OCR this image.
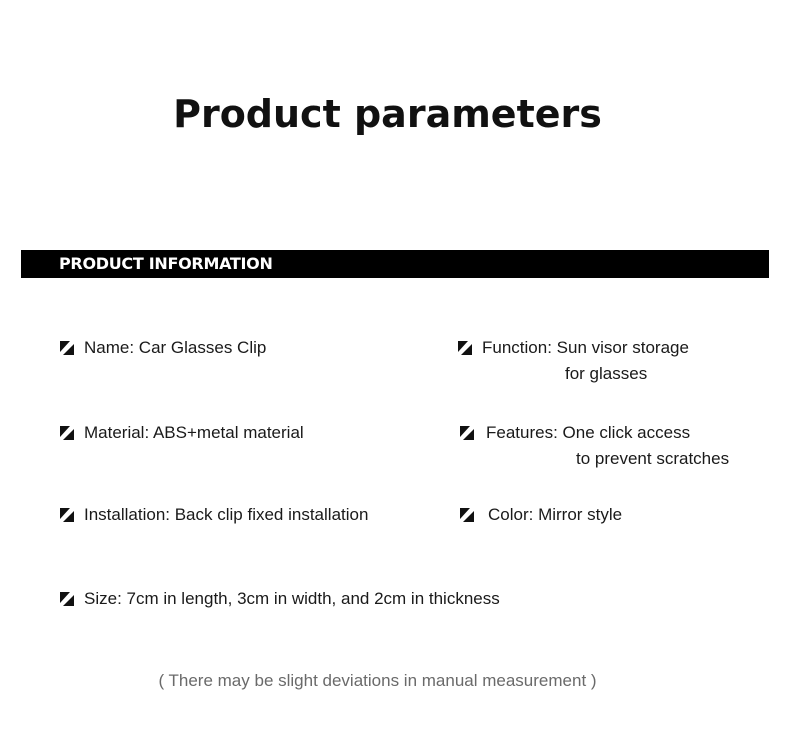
Product parameters
PRODUCT INFORMATION
Name: Car Glasses Clip	Function: Sun visor storage
for glasses
Material: ABS+metal material	Features: One click access
to prevent scratches
Installation: Back clip fixed installation	Color: Mirror style
Size: 7cm in length, 3cm in width, and 2cm in thickness
( There may be slight deviations in manual measurement )
